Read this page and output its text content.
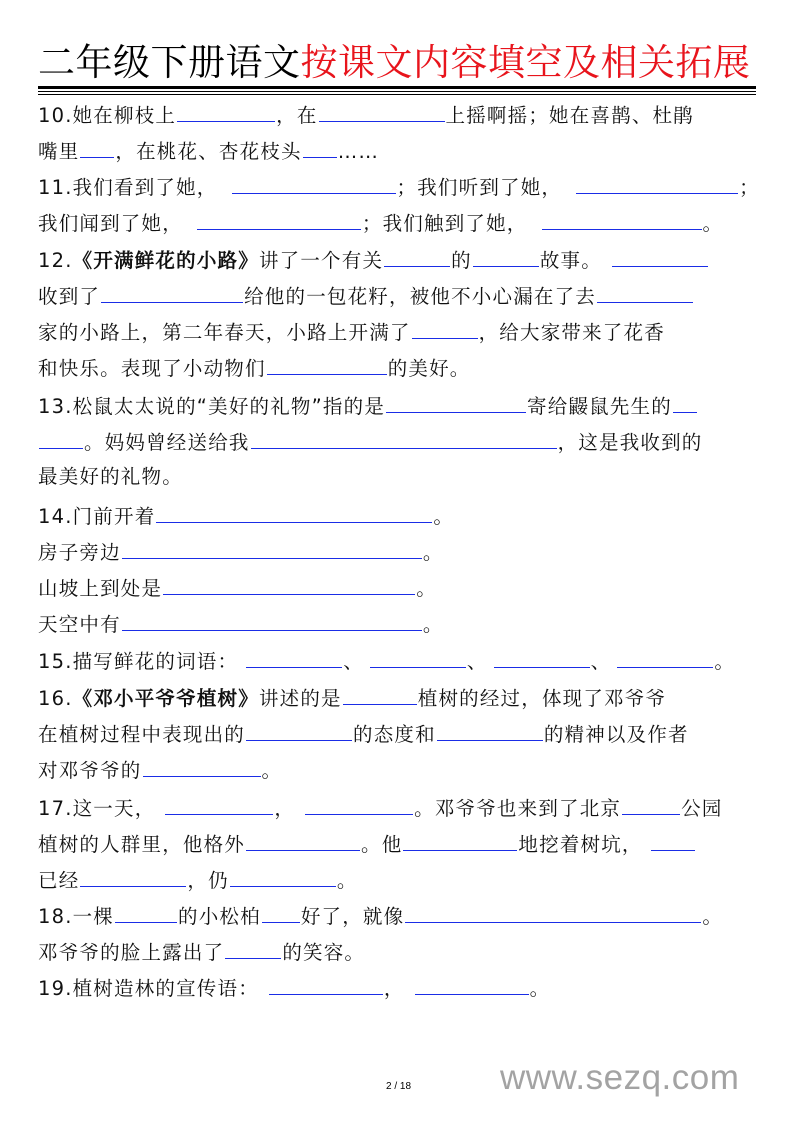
二年级下册语文按课文内容填空及相关拓展
10.她在柳枝上	，在	上摇啊摇；她在喜鹊、杜鹃
嘴里 ，在桃花、杏花枝头 ……
11.我们看到了她，	；我们听到了她，	；
我们闻到了她，	；我们触到了她，	。
12.《开满鲜花的小路》讲了一个有关	的	故事。
收到了	给他的一包花籽，被他不小心漏在了去
家的小路上，第二年春天，小路上开满了	，给大家带来了花香
和快乐。表现了小动物们	的美好。
13.松鼠太太说的“美好的礼物”指的是	寄给鼹鼠先生的
。妈妈曾经送给我	，这是我收到的
最美好的礼物。
14.门前开着	。
房子旁边	。
山坡上到处是	。
天空中有	。
15.描写鲜花的词语：	、	、	、	。
16.《邓小平爷爷植树》讲述的是	植树的经过，体现了邓爷爷
在植树过程中表现出的	的态度和	的精神以及作者
对邓爷爷的	。
17.这一天，	，	。邓爷爷也来到了北京	公园
植树的人群里，他格外	。他	地挖着树坑，
已经	，仍	。
18.一棵	的小松柏 好了，就像	。
邓爷爷的脸上露出了	的笑容。
19.植树造林的宣传语：	，	。
2 / 18	www.sezq.com
